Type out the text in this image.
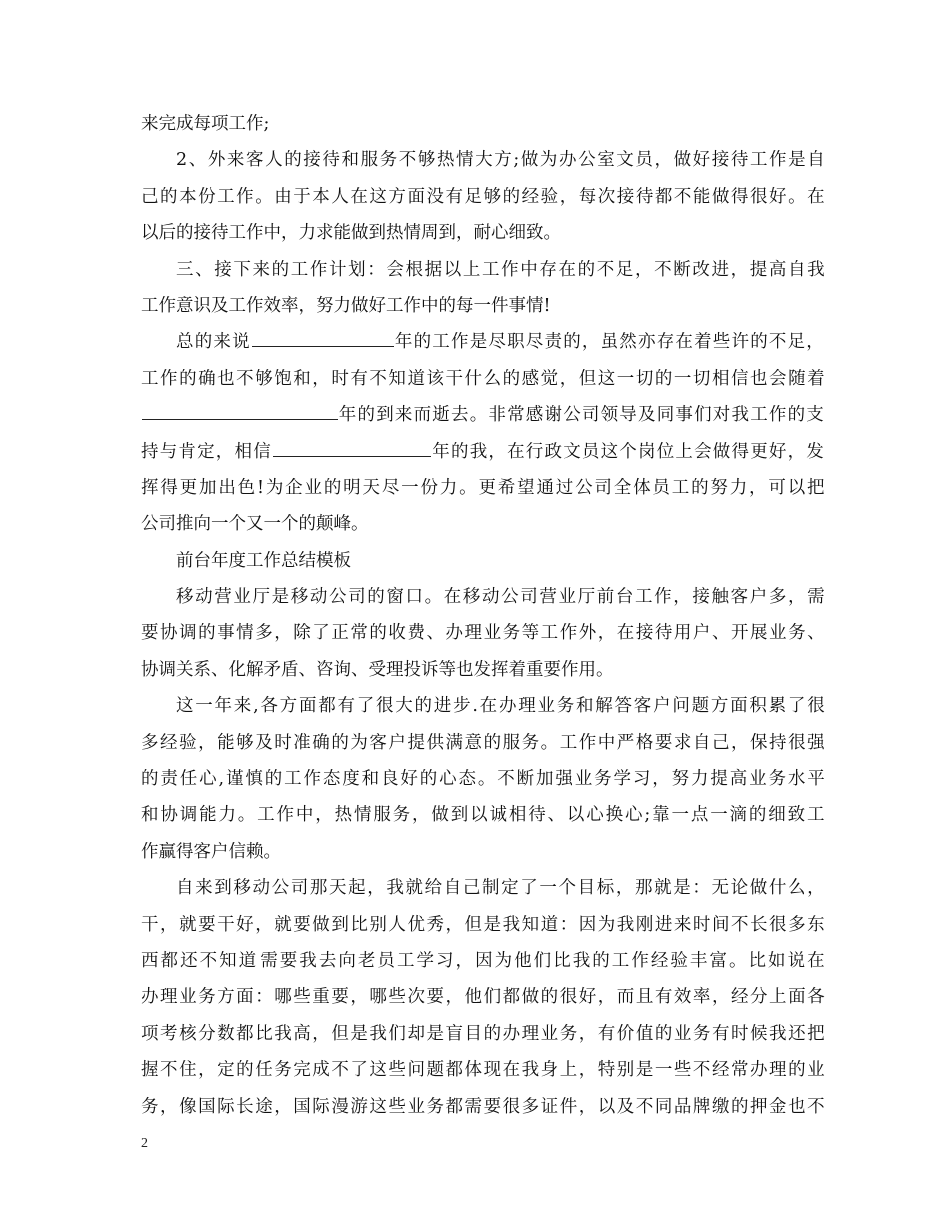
来完成每项工作;
2 、 外 来 客 人 的 接 待 和 服 务 不 够 热 情 大 方 ; 做 为 办 公 室 文 员 ， 做 好 接 待 工 作 是 自
己 的 本 份 工 作 。 由 于 本 人 在 这 方 面 没 有 足 够 的 经 验 ， 每 次 接 待 都 不 能 做 得 很 好 。 在
以后的接待工作中，力求能做到热情周到，耐心细致。
三 、 接 下 来 的 工 作 计 划 ： 会 根 据 以 上 工 作 中 存 在 的 不 足 ， 不 断 改 进 ， 提 高 自 我
工作意识及工作效率，努力做好工作中的每一件事情!
总的来说	年的工作是尽职尽责的，虽然亦存在着些许的不足，
工 作 的 确 也 不 够 饱 和 ， 时 有 不 知 道 该 干 什 么 的 感 觉 ， 但 这 一 切 的 一 切 相 信 也 会 随 着
年的到来而逝去。非常感谢公司领导及同事们对我工作的支
持与肯定，相信	年的我，在行政文员这个岗位上会做得更好，发
挥 得 更 加 出 色 ! 为 企 业 的 明 天 尽 一 份 力 。 更 希 望 通 过 公 司 全 体 员 工 的 努 力 ， 可 以 把
公司推向一个又一个的颠峰。
前台年度工作总结模板
移 动 营 业 厅 是 移 动 公 司 的 窗 口 。 在 移 动 公 司 营 业 厅 前 台 工 作 ， 接 触 客 户 多 ， 需
要 协 调 的 事 情 多 ， 除 了 正 常 的 收 费 、 办 理 业 务 等 工 作 外 ， 在 接 待 用 户 、 开 展 业 务 、
协调关系、化解矛盾、咨询、受理投诉等也发挥着重要作用。
这 一 年 来 , 各 方 面 都 有 了 很 大 的 进 步 . 在 办 理 业 务 和 解 答 客 户 问 题 方 面 积 累 了 很
多 经 验 ， 能 够 及 时 准 确 的 为 客 户 提 供 满 意 的 服 务 。 工 作 中 严 格 要 求 自 己 ， 保 持 很 强
的 责 任 心 , 谨 慎 的 工 作 态 度 和 良 好 的 心 态 。 不 断 加 强 业 务 学 习 ， 努 力 提 高 业 务 水 平
和 协 调 能 力 。 工 作 中 ， 热 情 服 务 ， 做 到 以 诚 相 待 、 以 心 换 心 ; 靠 一 点 一 滴 的 细 致 工
作赢得客户信赖。
自 来 到 移 动 公 司 那 天 起 ， 我 就 给 自 己 制 定 了 一 个 目 标 ， 那 就 是 ： 无 论 做 什 么 ，
干 ， 就 要 干 好 ， 就 要 做 到 比 别 人 优 秀 ， 但 是 我 知 道 ： 因 为 我 刚 进 来 时 间 不 长 很 多 东
西 都 还 不 知 道 需 要 我 去 向 老 员 工 学 习 ， 因 为 他 们 比 我 的 工 作 经 验 丰 富 。 比 如 说 在
办 理 业 务 方 面 ： 哪 些 重 要 ， 哪 些 次 要 ， 他 们 都 做 的 很 好 ， 而 且 有 效 率 ， 经 分 上 面 各
项 考 核 分 数 都 比 我 高 ， 但 是 我 们 却 是 盲 目 的 办 理 业 务 ， 有 价 值 的 业 务 有 时 候 我 还 把
握 不 住 ， 定 的 任 务 完 成 不 了 这 些 问 题 都 体 现 在 我 身 上 ， 特 别 是 一 些 不 经 常 办 理 的 业
务 ， 像 国 际 长 途 ， 国 际 漫 游 这 些 业 务 都 需 要 很 多 证 件 ， 以 及 不 同 品 牌 缴 的 押 金 也 不
2
